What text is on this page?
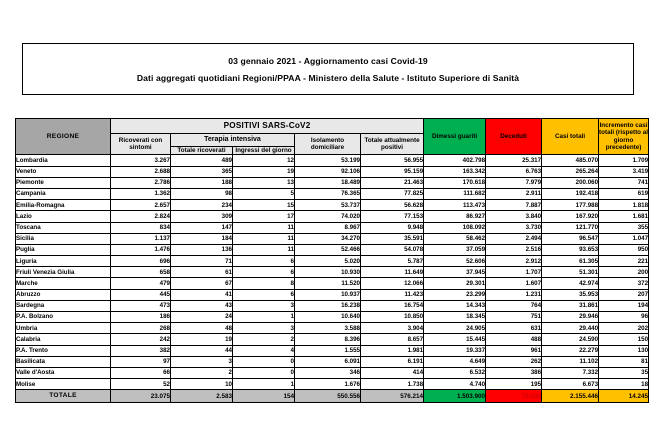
03 gennaio 2021 - Aggiornamento casi Covid-19
Dati aggregati quotidiani Regioni/PPAA - Ministero della Salute - Istituto Superiore di Sanità
REGIONE	POSITIVI SARS-CoV2					Dimessi guariti	Deceduti	Casi totali	Incremento casi totali (rispetto al giorno precedente)
	Ricoverati con sintomi	Terapia intensiva		Isolamento domiciliare	Totale attualmente positivi				
		Totale ricoverati	Ingressi del giorno						
Lombardia	3.267	489	12	53.199	56.955	402.798	25.317	485.070	1.709
Veneto	2.688	365	19	92.106	95.159	163.342	6.763	265.264	3.419
Piemonte	2.786	188	13	18.489	21.463	170.618	7.979	200.060	741
Campania	1.362	98	5	76.365	77.825	111.682	2.911	192.418	619
Emilia-Romagna	2.657	234	15	53.737	56.628	113.473	7.887	177.988	1.818
Lazio	2.824	309	17	74.020	77.153	86.927	3.840	167.920	1.681
Toscana	834	147	11	8.967	9.948	108.092	3.730	121.770	355
Sicilia	1.137	184	11	34.270	35.591	58.462	2.494	96.547	1.047
Puglia	1.476	136	11	52.466	54.078	37.059	2.516	93.653	950
Liguria	696	71	6	5.020	5.787	52.606	2.912	61.305	221
Friuli Venezia Giulia	658	61	6	10.930	11.649	37.945	1.707	51.301	200
Marche	479	67	8	11.520	12.066	29.301	1.607	42.974	372
Abruzzo	445	41	6	10.937	11.423	23.299	1.231	35.953	207
Sardegna	473	43	3	16.238	16.754	14.343	764	31.861	194
P.A. Bolzano	186	24	1	10.640	10.850	18.345	751	29.946	96
Umbria	268	48	3	3.588	3.904	24.905	631	29.440	202
Calabria	242	19	2	8.396	8.657	15.445	488	24.590	150
P.A. Trento	382	44	4	1.555	1.981	19.337	961	22.279	130
Basilicata	97	3	0	6.091	6.191	4.649	262	11.102	81
Valle d'Aosta	66	2	0	346	414	6.532	386	7.332	35
Molise	52	10	1	1.676	1.738	4.740	195	6.673	18
TOTALE	23.075	2.583	154	550.556	576.214	1.503.900	75.332	2.155.446	14.245
